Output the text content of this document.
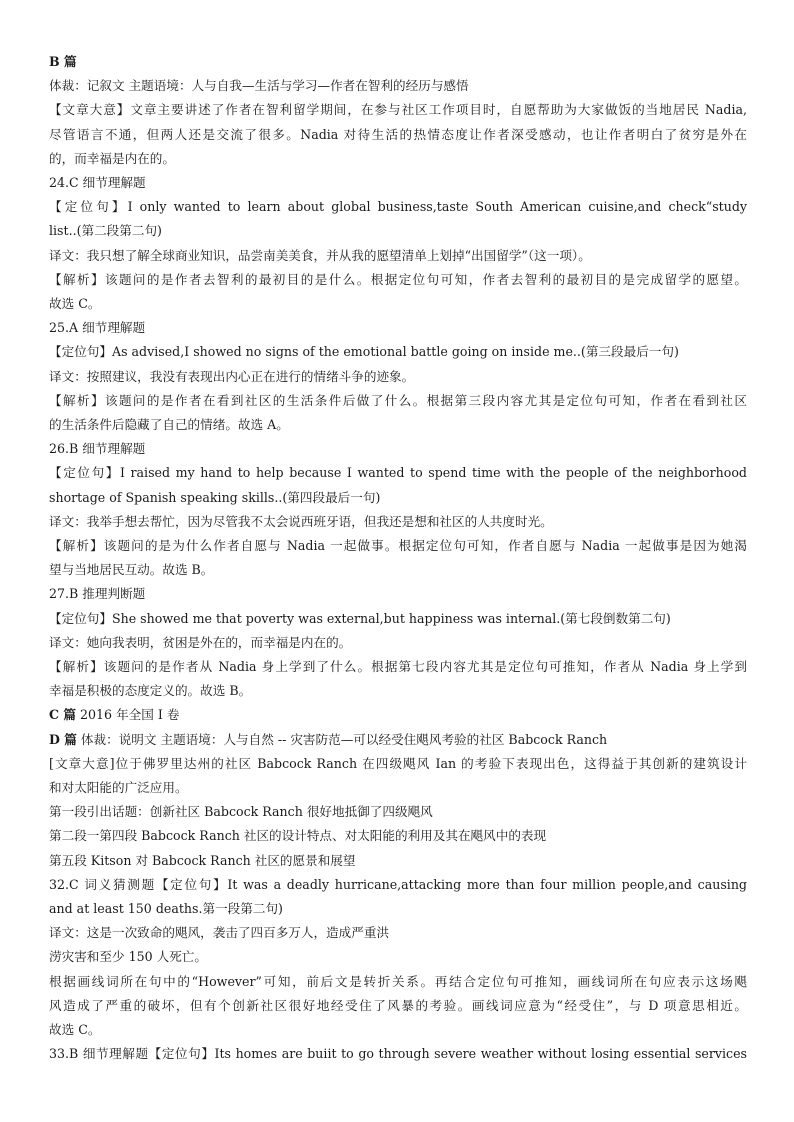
B 篇
体裁：记叙文 主题语境：人与自我—生活与学习—作者在智利的经历与感悟
【文章大意】文章主要讲述了作者在智利留学期间，在参与社区工作项目时，自愿帮助为大家做饭的当地居民 Nadia,
尽管语言不通，但两人还是交流了很多。Nadia 对待生活的热情态度让作者深受感动，也让作者明白了贫穷是外在
的，而幸福是内在的。
24.C 细节理解题
【定位句】I only wanted to learn about global business,taste South American cuisine,and check“study
list..(第二段第二句)
译文：我只想了解全球商业知识，品尝南美美食，并从我的愿望清单上划掉“出国留学”（这一项）。
【解析】该题问的是作者去智利的最初目的是什么。根据定位句可知，作者去智利的最初目的是完成留学的愿望。
故选 C。
25.A 细节理解题
【定位句】As advised,I showed no signs of the emotional battle going on inside me..(第三段最后一句)
译文：按照建议，我没有表现出内心正在进行的情绪斗争的迹象。
【解析】该题问的是作者在看到社区的生活条件后做了什么。根据第三段内容尤其是定位句可知，作者在看到社区
的生活条件后隐藏了自己的情绪。故选 A。
26.B 细节理解题
【定位句】I raised my hand to help because I wanted to spend time with the people of the neighborhood
shortage of Spanish speaking skills..(第四段最后一句)
译文：我举手想去帮忙，因为尽管我不太会说西班牙语，但我还是想和社区的人共度时光。
【解析】该题问的是为什么作者自愿与 Nadia 一起做事。根据定位句可知，作者自愿与 Nadia 一起做事是因为她渴
望与当地居民互动。故选 B。
27.B 推理判断题
【定位句】She showed me that poverty was external,but happiness was internal.(第七段倒数第二句)
译文：她向我表明，贫困是外在的，而幸福是内在的。
【解析】该题问的是作者从 Nadia 身上学到了什么。根据第七段内容尤其是定位句可推知，作者从 Nadia 身上学到
幸福是积极的态度定义的。故选 B。
C 篇 2016 年全国 I 卷
D 篇 体裁：说明文 主题语境：人与自然 -- 灾害防范—可以经受住飓风考验的社区 Babcock Ranch
[文章大意]位于佛罗里达州的社区 Babcock Ranch 在四级飓风 Ian 的考验下表现出色，这得益于其创新的建筑设计
和对太阳能的广泛应用。
第一段引出话题：创新社区 Babcock Ranch 很好地抵御了四级飓风
第二段一第四段 Babcock Ranch 社区的设计特点、对太阳能的利用及其在飓风中的表现
第五段 Kitson 对 Babcock Ranch 社区的愿景和展望
32.C 词义猜测题【定位句】It was a deadly hurricane,attacking more than four million people,and causing
and at least 150 deaths.第一段第二句)
译文：这是一次致命的飓风，袭击了四百多万人，造成严重洪
涝灾害和至少 150 人死亡。
根据画线词所在句中的“However”可知，前后文是转折关系。再结合定位句可推知，画线词所在句应表示这场飓
风造成了严重的破坏，但有个创新社区很好地经受住了风暴的考验。画线词应意为“经受住”，与 D 项意思相近。
故选 C。
33.B 细节理解题【定位句】Its homes are buiit to go through severe weather without losing essential services
